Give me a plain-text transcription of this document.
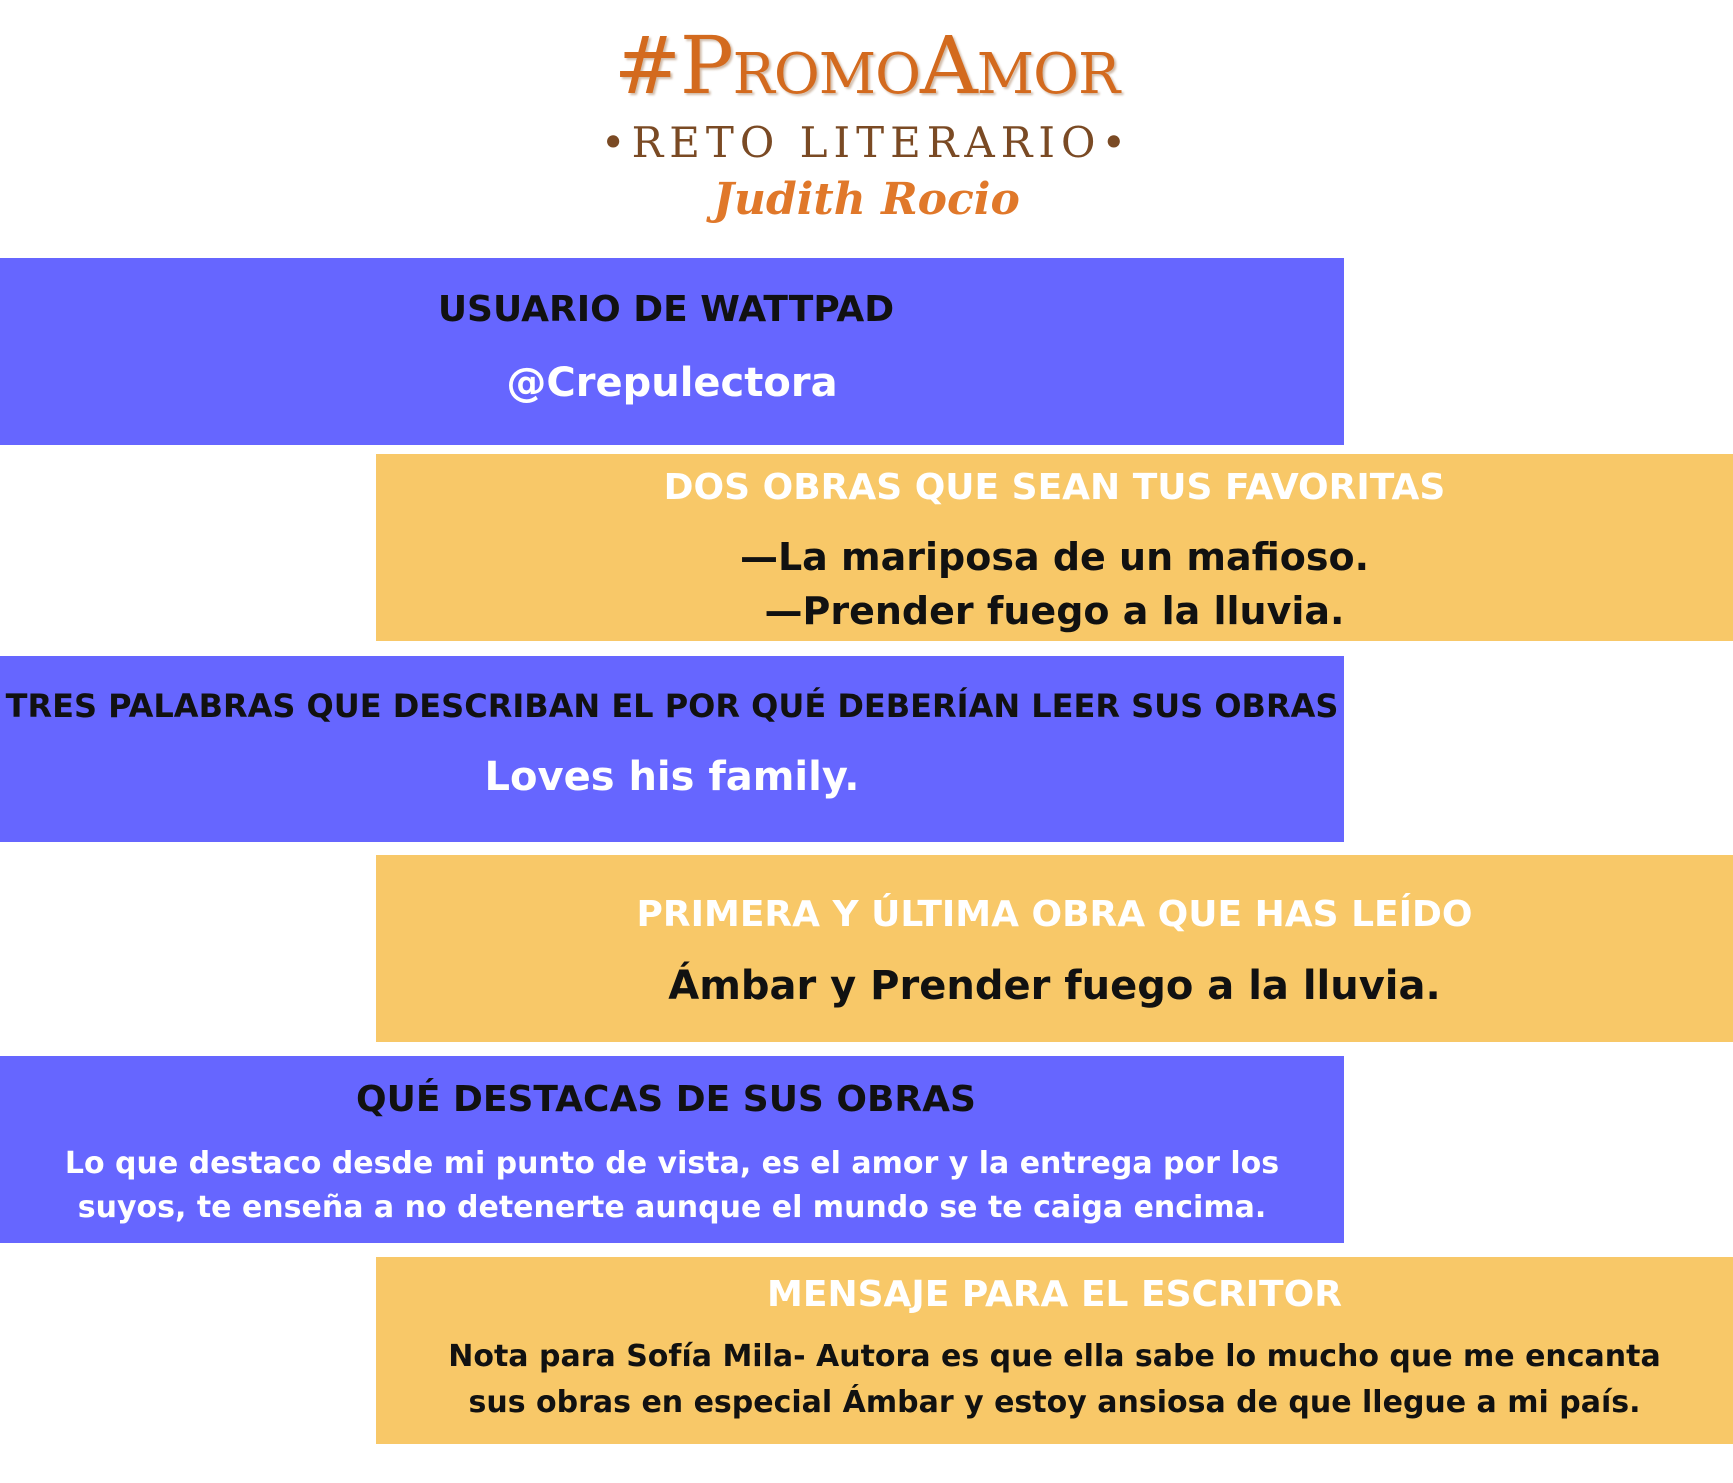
#PromoAmor
•RETO LITERARIO•
Judith Rocio
USUARIO DE WATTPAD
@Crepulectora
DOS OBRAS QUE SEAN TUS FAVORITAS
—La mariposa de un mafioso.
—Prender fuego a la lluvia.
TRES PALABRAS QUE DESCRIBAN EL POR QUÉ DEBERÍAN LEER SUS OBRAS
Loves his family.
PRIMERA Y ÚLTIMA OBRA QUE HAS LEÍDO
Ámbar y Prender fuego a la lluvia.
QUÉ DESTACAS DE SUS OBRAS
Lo que destaco desde mi punto de vista, es el amor y la entrega por los
suyos, te enseña a no detenerte aunque el mundo se te caiga encima.
MENSAJE PARA EL ESCRITOR
Nota para Sofía Mila- Autora es que ella sabe lo mucho que me encanta
sus obras en especial Ámbar y estoy ansiosa de que llegue a mi país.
